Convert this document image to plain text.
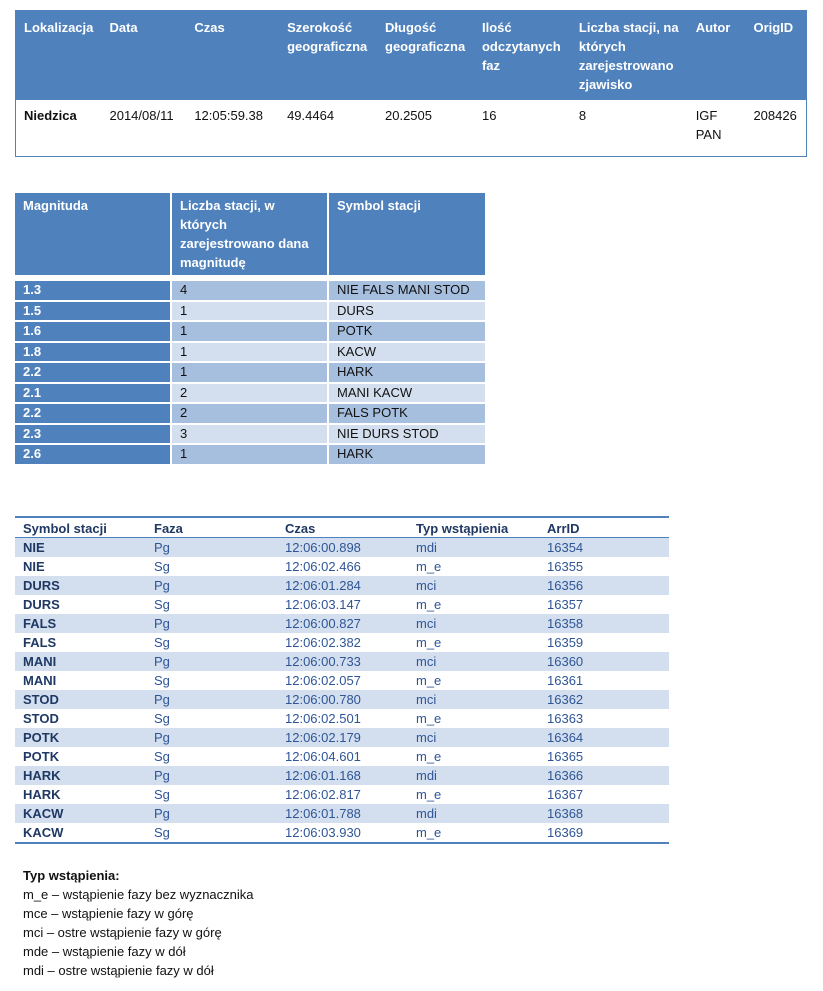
Lokalizacja	Data	Czas	Szerokość geograficzna	Długość geograficzna	Ilość odczytanych faz	Liczba stacji, na których zarejestrowano zjawisko	Autor	OrigID
Niedzica	2014/08/11	12:05:59.38	49.4464	20.2505	16	8	IGF PAN	208426
Magnituda	Liczba stacji, w których zarejestrowano dana magnitudę	Symbol stacji
1.3	4	NIE FALS MANI STOD
1.5	1	DURS
1.6	1	POTK
1.8	1	KACW
2.2	1	HARK
2.1	2	MANI KACW
2.2	2	FALS POTK
2.3	3	NIE DURS STOD
2.6	1	HARK
Symbol stacji	Faza	Czas	Typ wstąpienia	ArrID
NIE	Pg	12:06:00.898	mdi	16354
NIE	Sg	12:06:02.466	m_e	16355
DURS	Pg	12:06:01.284	mci	16356
DURS	Sg	12:06:03.147	m_e	16357
FALS	Pg	12:06:00.827	mci	16358
FALS	Sg	12:06:02.382	m_e	16359
MANI	Pg	12:06:00.733	mci	16360
MANI	Sg	12:06:02.057	m_e	16361
STOD	Pg	12:06:00.780	mci	16362
STOD	Sg	12:06:02.501	m_e	16363
POTK	Pg	12:06:02.179	mci	16364
POTK	Sg	12:06:04.601	m_e	16365
HARK	Pg	12:06:01.168	mdi	16366
HARK	Sg	12:06:02.817	m_e	16367
KACW	Pg	12:06:01.788	mdi	16368
KACW	Sg	12:06:03.930	m_e	16369
Typ wstąpienia:
m_e – wstąpienie fazy bez wyznacznika
mce – wstąpienie fazy w górę
mci – ostre wstąpienie fazy w górę
mde – wstąpienie fazy w dół
mdi – ostre wstąpienie fazy w dół
